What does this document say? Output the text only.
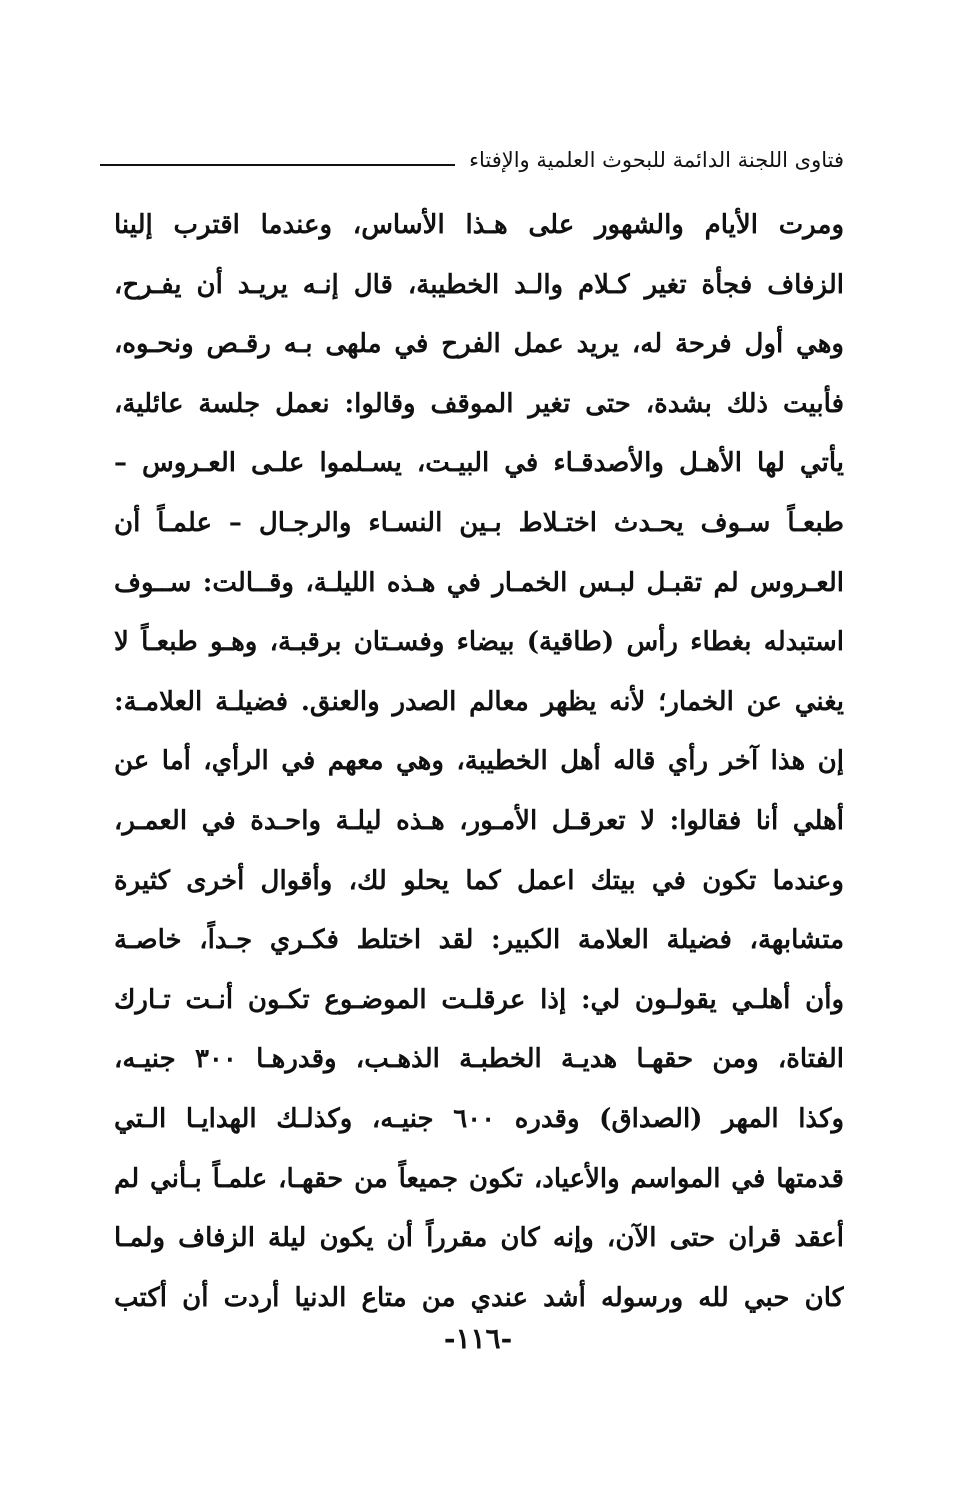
فتاوى اللجنة الدائمة للبحوث العلمية والإفتاء
ومرت الأيام والشهور على هـذا الأساس، وعندما اقترب إلينا
الزفاف فجأة تغير كـلام والـد الخطيبة، قال إنـه يريـد أن يفـرح،
وهي أول فرحة له، يريد عمل الفرح في ملهى بـه رقـص ونحـوه،
فأبيت ذلك بشدة، حتى تغير الموقف وقالوا: نعمل جلسة عائلية،
يأتي لها الأهـل والأصدقـاء في البيـت، يسـلموا علـى العـروس –
طبعـاً سـوف يحـدث اختـلاط بـين النسـاء والرجـال – علمـاً أن
العـروس لم تقبـل لبـس الخمـار في هـذه الليلـة، وقــالت: ســوف
استبدله بغطاء رأس (طاقية) بيضاء وفسـتان برقبـة، وهـو طبعـاً لا
يغني عن الخمار؛ لأنه يظهر معالم الصدر والعنق. فضيلـة العلامـة:
إن هذا آخر رأي قاله أهل الخطيبة، وهي معهم في الرأي، أما عن
أهلي أنا فقالوا: لا تعرقـل الأمـور، هـذه ليلـة واحـدة في العمـر،
وعندما تكون في بيتك اعمل كما يحلو لك، وأقوال أخرى كثيرة
متشابهة، فضيلة العلامة الكبير: لقد اختلط فكـري جـداً، خاصـة
وأن أهلـي يقولـون لي: إذا عرقلـت الموضـوع تكـون أنـت تـارك
الفتاة، ومن حقهـا هديـة الخطبـة الذهـب، وقدرهـا ٣٠٠ جنيـه،
وكذا المهر (الصداق) وقدره ٦٠٠ جنيـه، وكذلـك الهدايـا الـتي
قدمتها في المواسم والأعياد، تكون جميعاً من حقهـا، علمـاً بـأني لم
أعقد قران حتى الآن، وإنه كان مقرراً أن يكون ليلة الزفاف ولمـا
كان حبي لله ورسوله أشد عندي من متاع الدنيا أردت أن أكتب
-١١٦-
